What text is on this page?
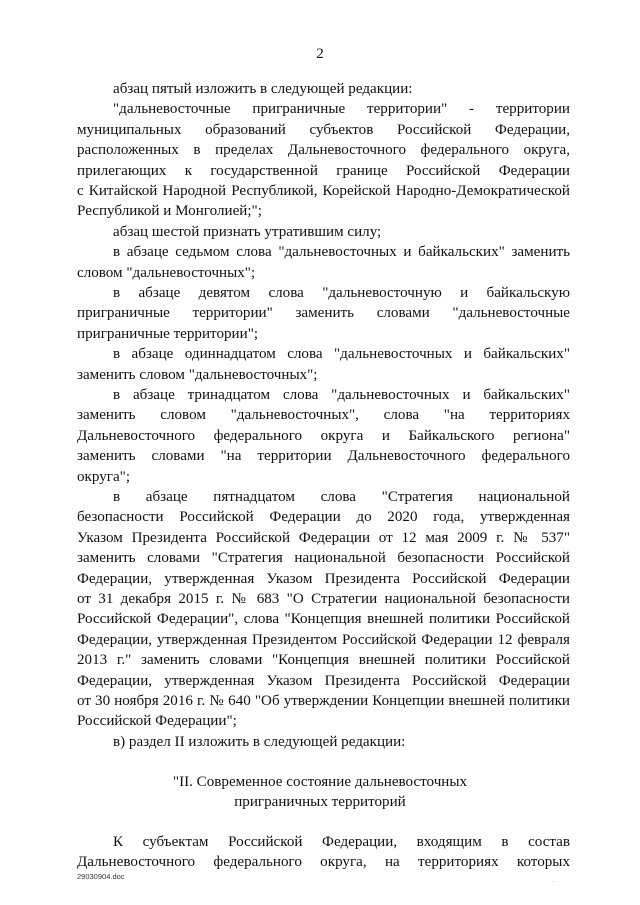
2
абзац пятый изложить в следующей редакции:
"дальневосточные приграничные территории" - территории
муниципальных образований субъектов Российской Федерации,
расположенных в пределах Дальневосточного федерального округа,
прилегающих к государственной границе Российской Федерации
с Китайской Народной Республикой, Корейской Народно-Демократической
Республикой и Монголией;";
абзац шестой признать утратившим силу;
в абзаце седьмом слова "дальневосточных и байкальских" заменить
словом "дальневосточных";
в абзаце девятом слова "дальневосточную и байкальскую
приграничные территории" заменить словами "дальневосточные
приграничные территории";
в абзаце одиннадцатом слова "дальневосточных и байкальских"
заменить словом "дальневосточных";
в абзаце тринадцатом слова "дальневосточных и байкальских"
заменить словом "дальневосточных", слова "на территориях
Дальневосточного федерального округа и Байкальского региона"
заменить словами "на территории Дальневосточного федерального
округа";
в абзаце пятнадцатом слова "Стратегия национальной
безопасности Российской Федерации до 2020 года, утвержденная
Указом Президента Российской Федерации от 12 мая 2009 г. № 537"
заменить словами "Стратегия национальной безопасности Российской
Федерации, утвержденная Указом Президента Российской Федерации
от 31 декабря 2015 г. № 683 "О Стратегии национальной безопасности
Российской Федерации", слова "Концепция внешней политики Российской
Федерации, утвержденная Президентом Российской Федерации 12 февраля
2013 г." заменить словами "Концепция внешней политики Российской
Федерации, утвержденная Указом Президента Российской Федерации
от 30 ноября 2016 г. № 640 "Об утверждении Концепции внешней политики
Российской Федерации";
в) раздел II изложить в следующей редакции:
"II. Современное состояние дальневосточных
приграничных территорий
К субъектам Российской Федерации, входящим в состав
Дальневосточного федерального округа, на территориях которых
29030904.doc
·
